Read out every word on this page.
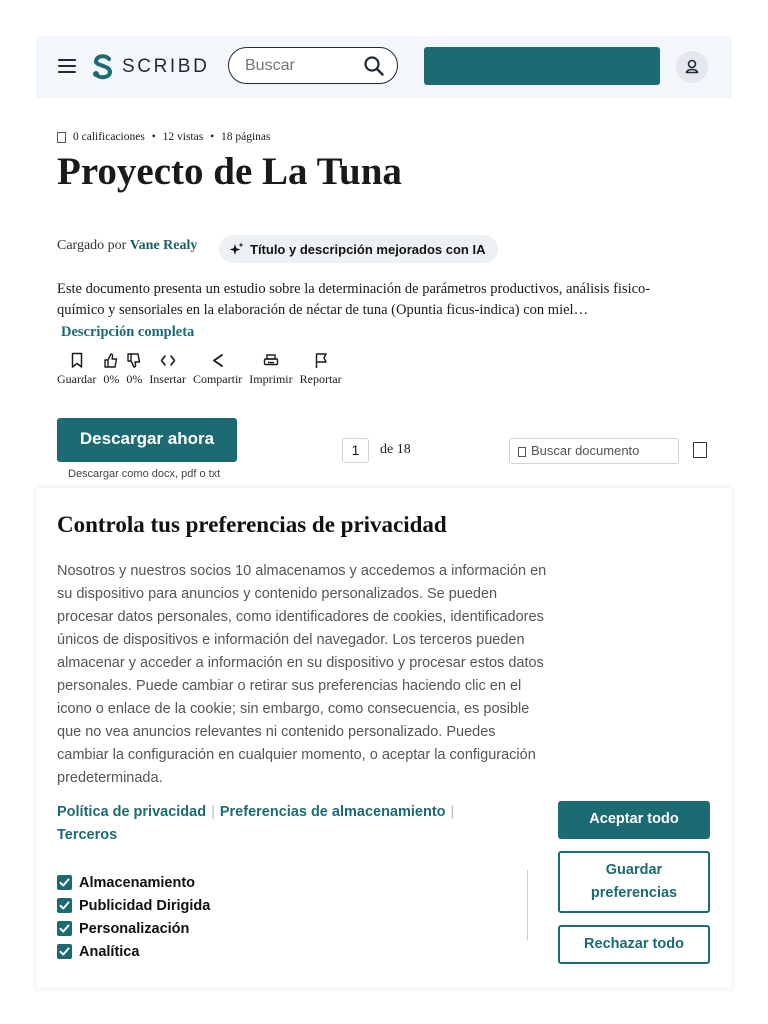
SCRIBD
Buscar
0 calificaciones • 12 vistas • 18 páginas
Proyecto de La Tuna
Cargado por Vane Realy	Título y descripción mejorados con IA
Este documento presenta un estudio sobre la determinación de parámetros productivos, análisis fisico-químico y sensoriales en la elaboración de néctar de tuna (Opuntia ficus-indica) con miel…
Descripción completa
Guardar 0% 0% Insertar Compartir Imprimir Reportar
Descargar ahora
Descargar como docx, pdf o txt
1	de 18	Buscar documento
Controla tus preferencias de privacidad
Nosotros y nuestros socios 10 almacenamos y accedemos a información en su dispositivo para anuncios y contenido personalizados. Se pueden procesar datos personales, como identificadores de cookies, identificadores únicos de dispositivos e información del navegador. Los terceros pueden almacenar y acceder a información en su dispositivo y procesar estos datos personales. Puede cambiar o retirar sus preferencias haciendo clic en el icono o enlace de la cookie; sin embargo, como consecuencia, es posible que no vea anuncios relevantes ni contenido personalizado. Puedes cambiar la configuración en cualquier momento, o aceptar la configuración predeterminada.
Política de privacidad | Preferencias de almacenamiento |
Terceros
Almacenamiento
Publicidad Dirigida
Personalización
Analítica
Aceptar todo
Guardar preferencias
Rechazar todo
